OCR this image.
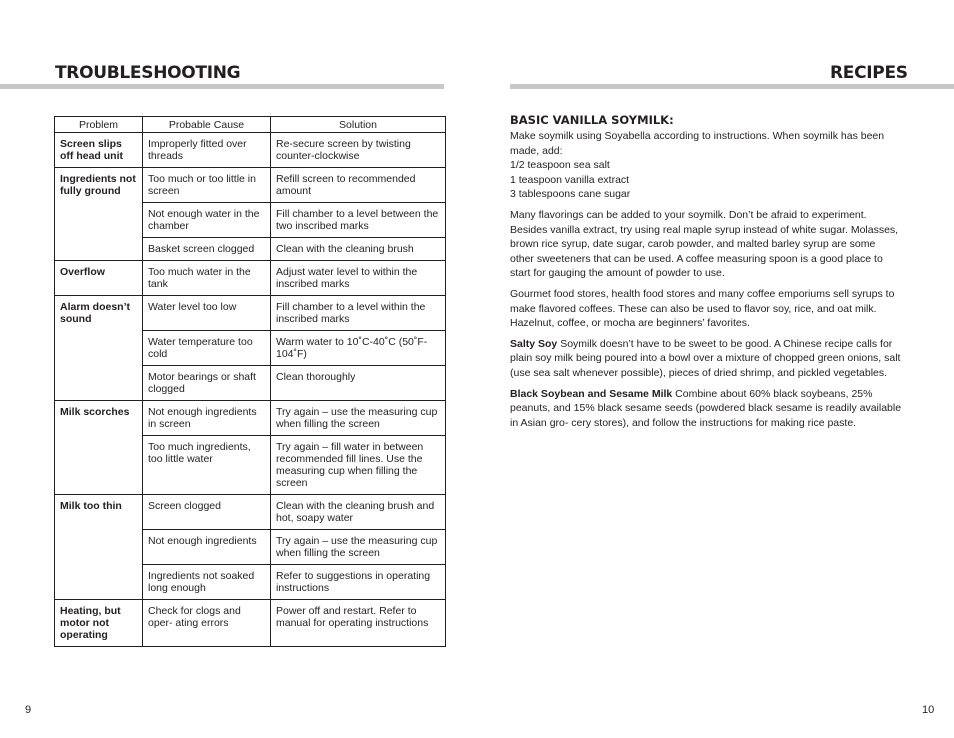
TROUBLESHOOTING
Problem	Probable Cause	Solution
Screen slips off head unit	Improperly fitted over threads	Re-secure screen by twisting counter-clockwise
Ingredients not fully ground	Too much or too little in screen	Refill screen to recommended amount
	Not enough water in the chamber	Fill chamber to a level between the two inscribed marks
	Basket screen clogged	Clean with the cleaning brush
Overflow	Too much water in the tank	Adjust water level to within the inscribed marks
Alarm doesn’t sound	Water level too low	Fill chamber to a level within the inscribed marks
	Water temperature too cold	Warm water to 10˚C-40˚C (50˚F-104˚F)
	Motor bearings or shaft clogged	Clean thoroughly
Milk scorches	Not enough ingredients in screen	Try again – use the measuring cup when filling the screen
	Too much ingredients, too little water	Try again – fill water in between recommended fill lines. Use the measuring cup when filling the screen
Milk too thin	Screen clogged	Clean with the cleaning brush and hot, soapy water
	Not enough ingredients	Try again – use the measuring cup when filling the screen
	Ingredients not soaked long enough	Refer to suggestions in operating instructions
Heating, but motor not operating	Check for clogs and oper- ating errors	Power off and restart. Refer to manual for operating instructions
RECIPES
BASIC VANILLA SOYMILK:

Make soymilk using Soyabella according to instructions. When soymilk has been made, add:

1/2 teaspoon sea salt
1 teaspoon vanilla extract
3 tablespoons cane sugar

Many flavorings can be added to your soymilk. Don’t be afraid to experiment. Besides vanilla extract, try using real maple syrup instead of white sugar. Molasses, brown rice syrup, date sugar, carob powder, and malted barley syrup are some other sweeteners that can be used. A coffee measuring spoon is a good place to start for gauging the amount of powder to use.

Gourmet food stores, health food stores and many coffee emporiums sell syrups to make flavored coffees. These can also be used to flavor soy, rice, and oat milk. Hazelnut, coffee, or mocha are beginners’ favorites.

Salty Soy Soymilk doesn’t have to be sweet to be good. A Chinese recipe calls for plain soy milk being poured into a bowl over a mixture of chopped green onions, salt (use sea salt whenever possible), pieces of dried shrimp, and pickled vegetables.

Black Soybean and Sesame Milk Combine about 60% black soybeans, 25% peanuts, and 15% black sesame seeds (powdered black sesame is readily available in Asian gro- cery stores), and follow the instructions for making rice paste.

9	10
